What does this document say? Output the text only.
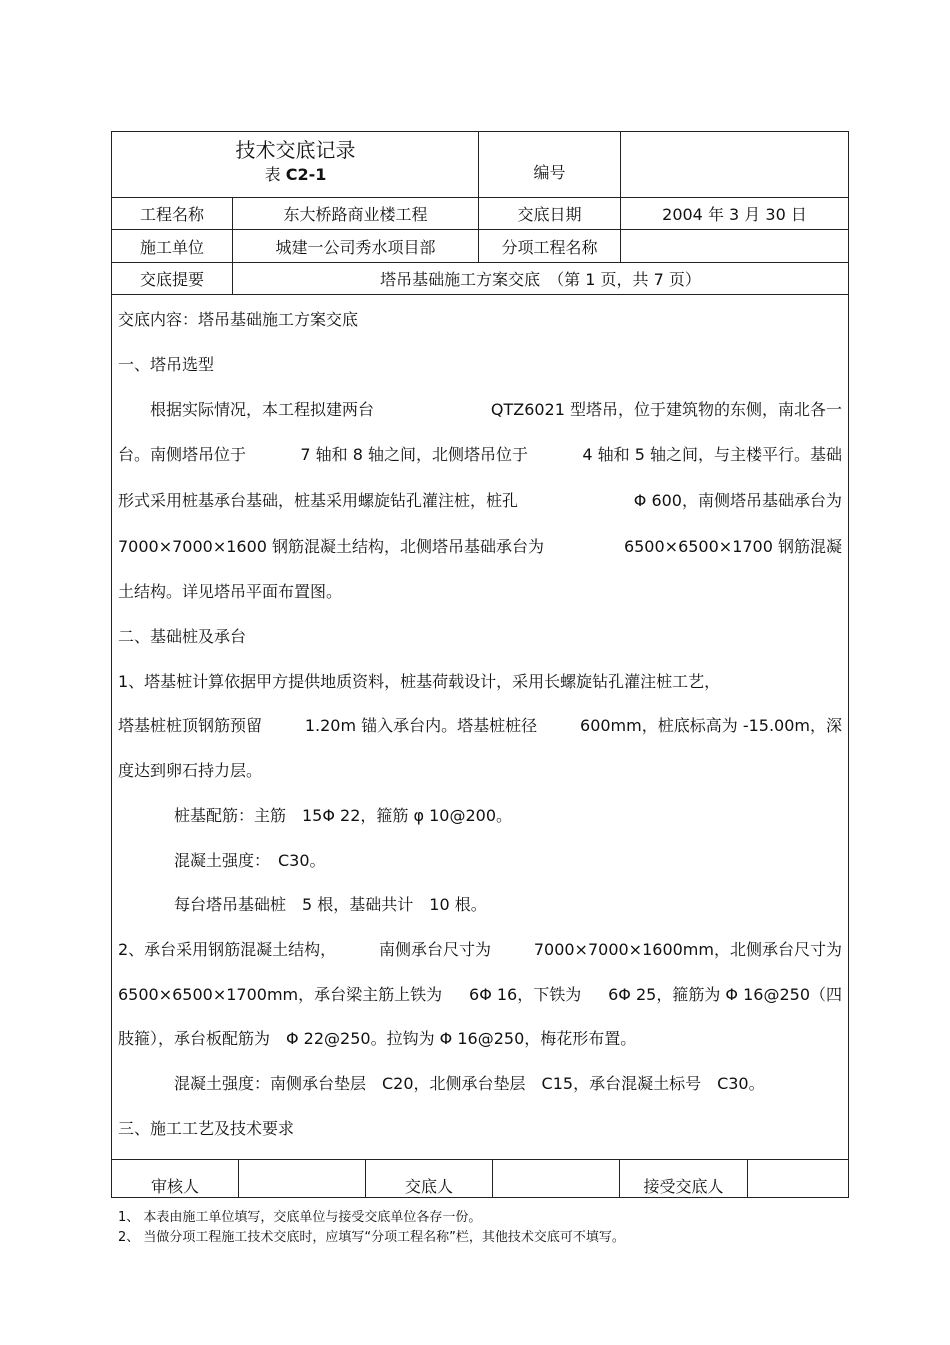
技术交底记录
表 C2-1	编号
工程名称	东大桥路商业楼工程	交底日期	2004 年 3 月 30 日
施工单位	城建一公司秀水项目部	分项工程名称
交底提要	塔吊基础施工方案交底　（第 1 页，共 7 页）
交底内容：塔吊基础施工方案交底
一、塔吊选型
根据实际情况，本工程拟建两台	QTZ6021 型塔吊，位于建筑物的东侧，南北各一
台。南侧塔吊位于	7 轴和 8 轴之间，北侧塔吊位于	4 轴和 5 轴之间，与主楼平行。基础
形式采用桩基承台基础，桩基采用螺旋钻孔灌注桩，桩孔	Φ 600，南侧塔吊基础承台为
7000×7000×1600 钢筋混凝土结构，北侧塔吊基础承台为	6500×6500×1700 钢筋混凝
土结构。详见塔吊平面布置图。
二、基础桩及承台
1、塔基桩计算依据甲方提供地质资料，桩基荷载设计，采用长螺旋钻孔灌注桩工艺，
塔基桩桩顶钢筋预留	1.20m 锚入承台内。塔基桩桩径	600mm，桩底标高为 -15.00m，深
度达到卵石持力层。
桩基配筋：主筋　15Φ 22，箍筋 φ 10@200。
混凝土强度：　C30。
每台塔吊基础桩　5 根，基础共计　10 根。
2、承台采用钢筋混凝土结构，	南侧承台尺寸为	7000×7000×1600mm，北侧承台尺寸为
6500×6500×1700mm，承台梁主筋上铁为 6Φ 16，下铁为 6Φ 25，箍筋为 Φ 16@250（四
肢箍），承台板配筋为　Φ 22@250。拉钩为 Φ 16@250，梅花形布置。
混凝土强度：南侧承台垫层　C20，北侧承台垫层　C15，承台混凝土标号　C30。
三、施工工艺及技术要求
审核人	交底人	接受交底人
1、 本表由施工单位填写，交底单位与接受交底单位各存一份。
2、 当做分项工程施工技术交底时，应填写“分项工程名称”栏，其他技术交底可不填写。
